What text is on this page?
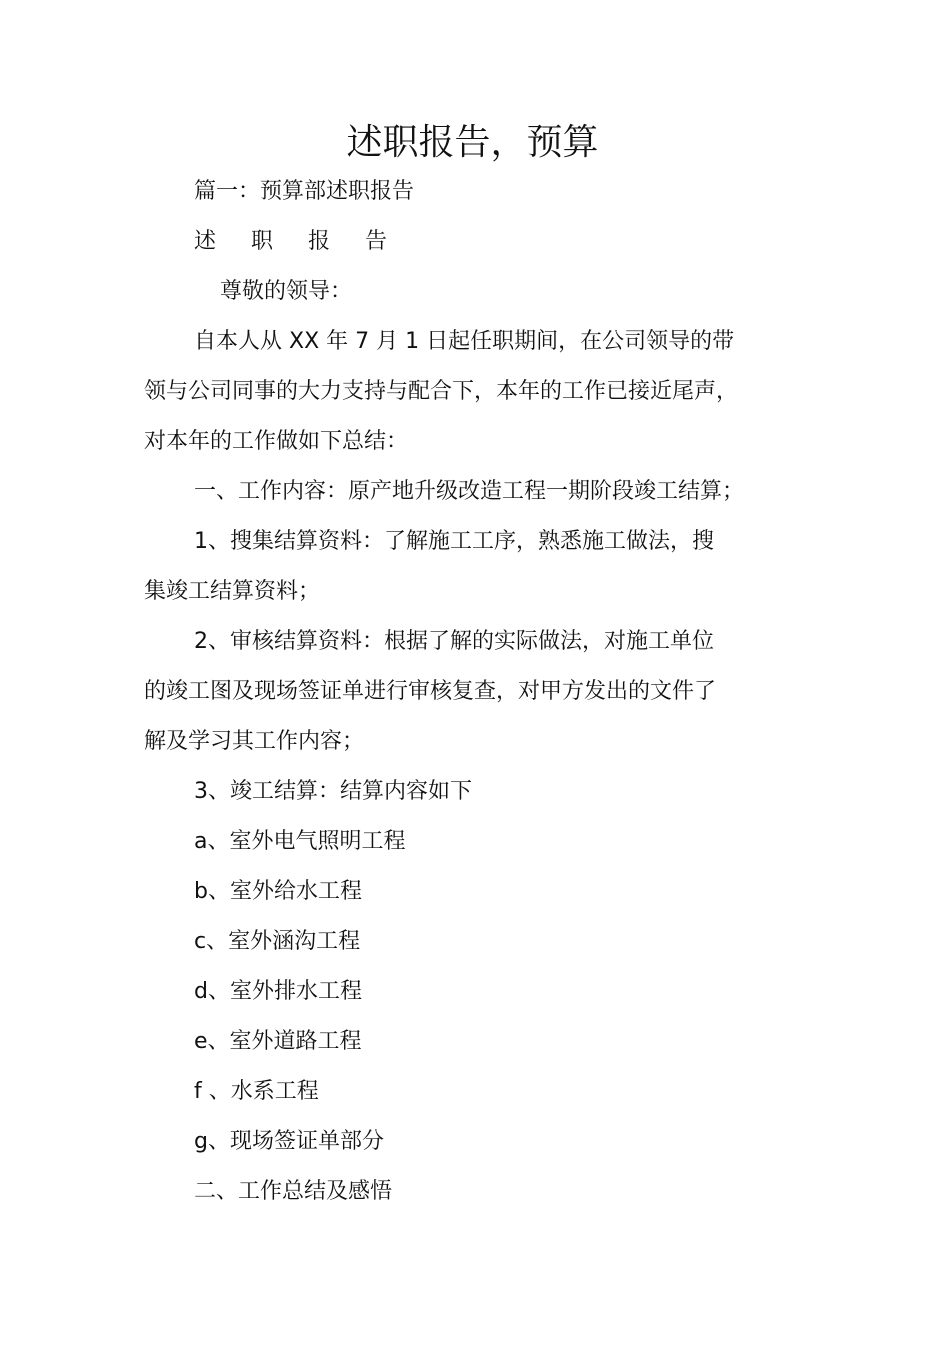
述职报告，预算
篇一：预算部述职报告
述 职 报 告
尊敬的领导：
自本人从 XX 年 7 月 1 日起任职期间，在公司领导的带
领与公司同事的大力支持与配合下，本年的工作已接近尾声，
对本年的工作做如下总结：
一、工作内容：原产地升级改造工程一期阶段竣工结算；
1、搜集结算资料：了解施工工序，熟悉施工做法，搜
集竣工结算资料；
2、审核结算资料：根据了解的实际做法，对施工单位
的竣工图及现场签证单进行审核复查，对甲方发出的文件了
解及学习其工作内容；
3、竣工结算：结算内容如下
a、室外电气照明工程
b、室外给水工程
c、室外涵沟工程
d、室外排水工程
e、室外道路工程
f 、水系工程
g、现场签证单部分
二、工作总结及感悟
